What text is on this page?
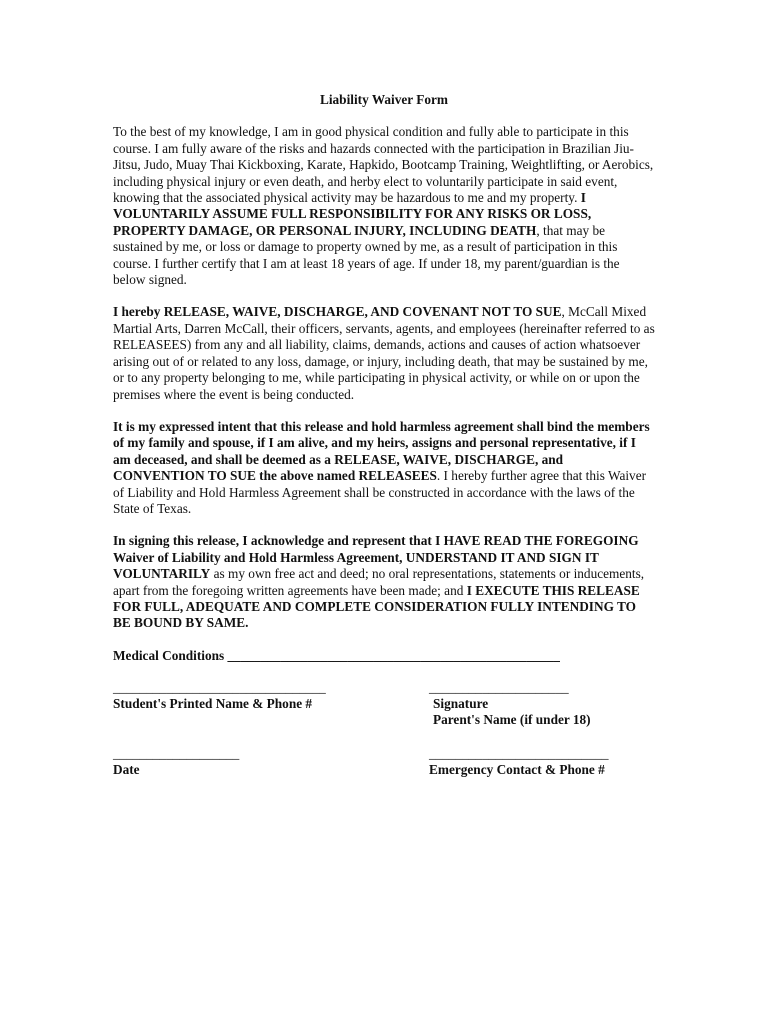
Liability Waiver Form

To the best of my knowledge, I am in good physical condition and fully able to participate in this course. I am fully aware of the risks and hazards connected with the participation in Brazilian Jiu-Jitsu, Judo, Muay Thai Kickboxing, Karate, Hapkido, Bootcamp Training, Weightlifting, or Aerobics, including physical injury or even death, and herby elect to voluntarily participate in said event, knowing that the associated physical activity may be hazardous to me and my property. I VOLUNTARILY ASSUME FULL RESPONSIBILITY FOR ANY RISKS OR LOSS, PROPERTY DAMAGE, OR PERSONAL INJURY, INCLUDING DEATH, that may be sustained by me, or loss or damage to property owned by me, as a result of participation in this course. I further certify that I am at least 18 years of age. If under 18, my parent/guardian is the below signed.

I hereby RELEASE, WAIVE, DISCHARGE, AND COVENANT NOT TO SUE, McCall Mixed Martial Arts, Darren McCall, their officers, servants, agents, and employees (hereinafter referred to as RELEASEES) from any and all liability, claims, demands, actions and causes of action whatsoever arising out of or related to any loss, damage, or injury, including death, that may be sustained by me, or to any property belonging to me, while participating in physical activity, or while on or upon the premises where the event is being conducted.

It is my expressed intent that this release and hold harmless agreement shall bind the members of my family and spouse, if I am alive, and my heirs, assigns and personal representative, if I am deceased, and shall be deemed as a RELEASE, WAIVE, DISCHARGE, and CONVENTION TO SUE the above named RELEASEES. I hereby further agree that this Waiver of Liability and Hold Harmless Agreement shall be constructed in accordance with the laws of the State of Texas.

In signing this release, I acknowledge and represent that I HAVE READ THE FOREGOING Waiver of Liability and Hold Harmless Agreement, UNDERSTAND IT AND SIGN IT VOLUNTARILY as my own free act and deed; no oral representations, statements or inducements, apart from the foregoing written agreements have been made; and I EXECUTE THIS RELEASE FOR FULL, ADEQUATE AND COMPLETE CONSIDERATION FULLY INTENDING TO BE BOUND BY SAME.

Medical Conditions __________________________________________________

________________________________
Student's Printed Name & Phone #
_____________________
Signature
Parent's Name (if under 18)
___________________
Date
___________________________
Emergency Contact & Phone #
